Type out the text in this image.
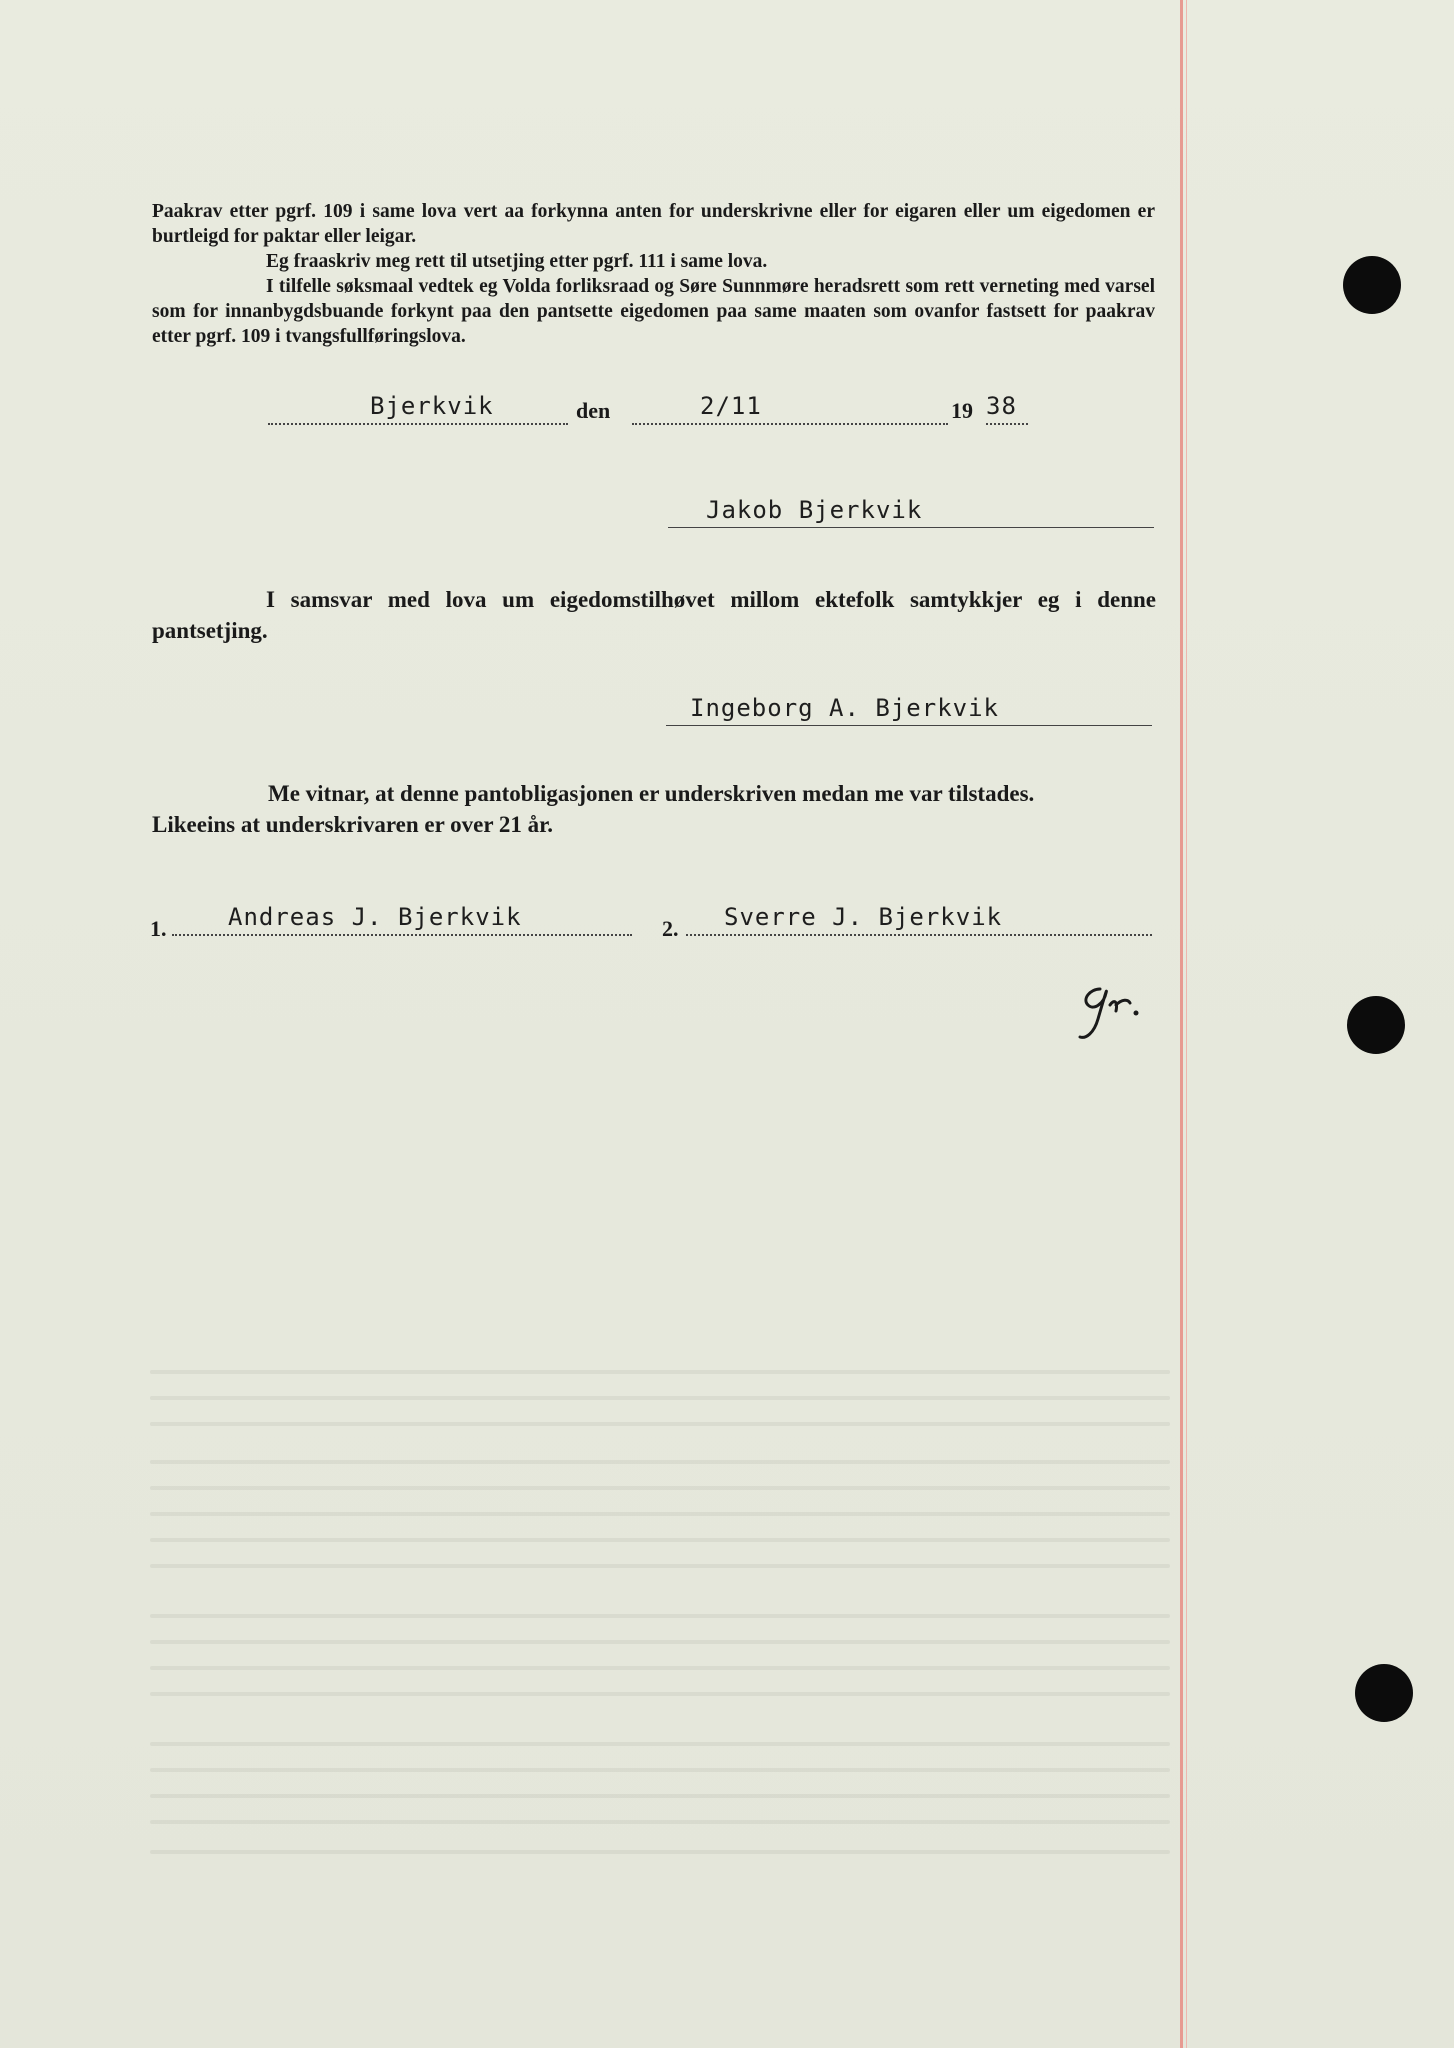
Paakrav etter pgrf. 109 i same lova vert aa forkynna anten for underskrivne eller for eigaren eller um eigedomen er burtleigd for paktar eller leigar.

Eg fraaskriv meg rett til utsetjing etter pgrf. 111 i same lova.

I tilfelle søksmaal vedtek eg Volda forliksraad og Søre Sunnmøre heradsrett som rett verneting med varsel som for innanbygdsbuande forkynt paa den pantsette eigedomen paa same maaten som ovanfor fastsett for paakrav etter pgrf. 109 i tvangsfullføringslova.

Bjerkvik	den	2/11	19 38
Jakob Bjerkvik

I samsvar med lova um eigedomstilhøvet millom ektefolk samtykkjer eg i denne pantsetjing.

Ingeborg A. Bjerkvik

Me vitnar, at denne pantobligasjonen er underskriven medan me var tilstades.

Likeeins at underskrivaren er over 21 år.

1.	Andreas J. Bjerkvik	2. Sverre J. Bjerkvik
